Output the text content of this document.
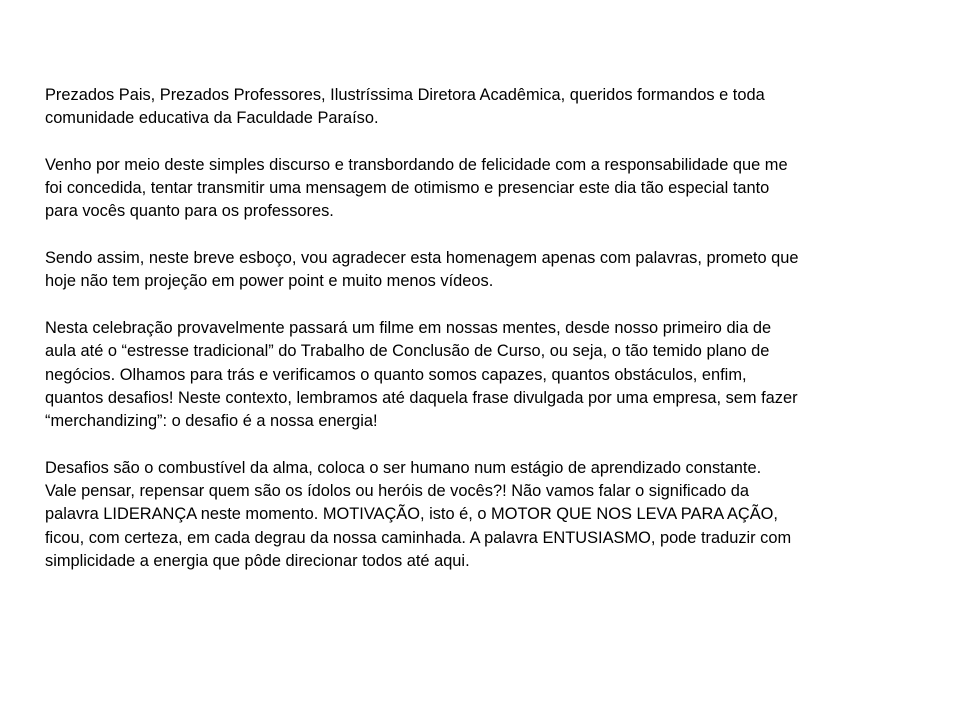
Prezados Pais, Prezados Professores, Ilustríssima Diretora Acadêmica, queridos formandos e toda
comunidade educativa da Faculdade Paraíso.

Venho por meio deste simples discurso e transbordando de felicidade com a responsabilidade que me
foi concedida, tentar transmitir uma mensagem de otimismo e presenciar este dia tão especial tanto
para vocês quanto para os professores.

Sendo assim, neste breve esboço, vou agradecer esta homenagem apenas com palavras, prometo que
hoje não tem projeção em power point e muito menos vídeos.

Nesta celebração provavelmente passará um filme em nossas mentes, desde nosso primeiro dia de
aula até o “estresse tradicional” do Trabalho de Conclusão de Curso, ou seja, o tão temido plano de
negócios. Olhamos para trás e verificamos o quanto somos capazes, quantos obstáculos, enfim,
quantos desafios! Neste contexto, lembramos até daquela frase divulgada por uma empresa, sem fazer
“merchandizing”: o desafio é a nossa energia!

Desafios são o combustível da alma, coloca o ser humano num estágio de aprendizado constante.
Vale pensar, repensar quem são os ídolos ou heróis de vocês?! Não vamos falar o significado da
palavra LIDERANÇA neste momento. MOTIVAÇÃO, isto é, o MOTOR QUE NOS LEVA PARA AÇÃO,
ficou, com certeza, em cada degrau da nossa caminhada. A palavra ENTUSIASMO, pode traduzir com
simplicidade a energia que pôde direcionar todos até aqui.
